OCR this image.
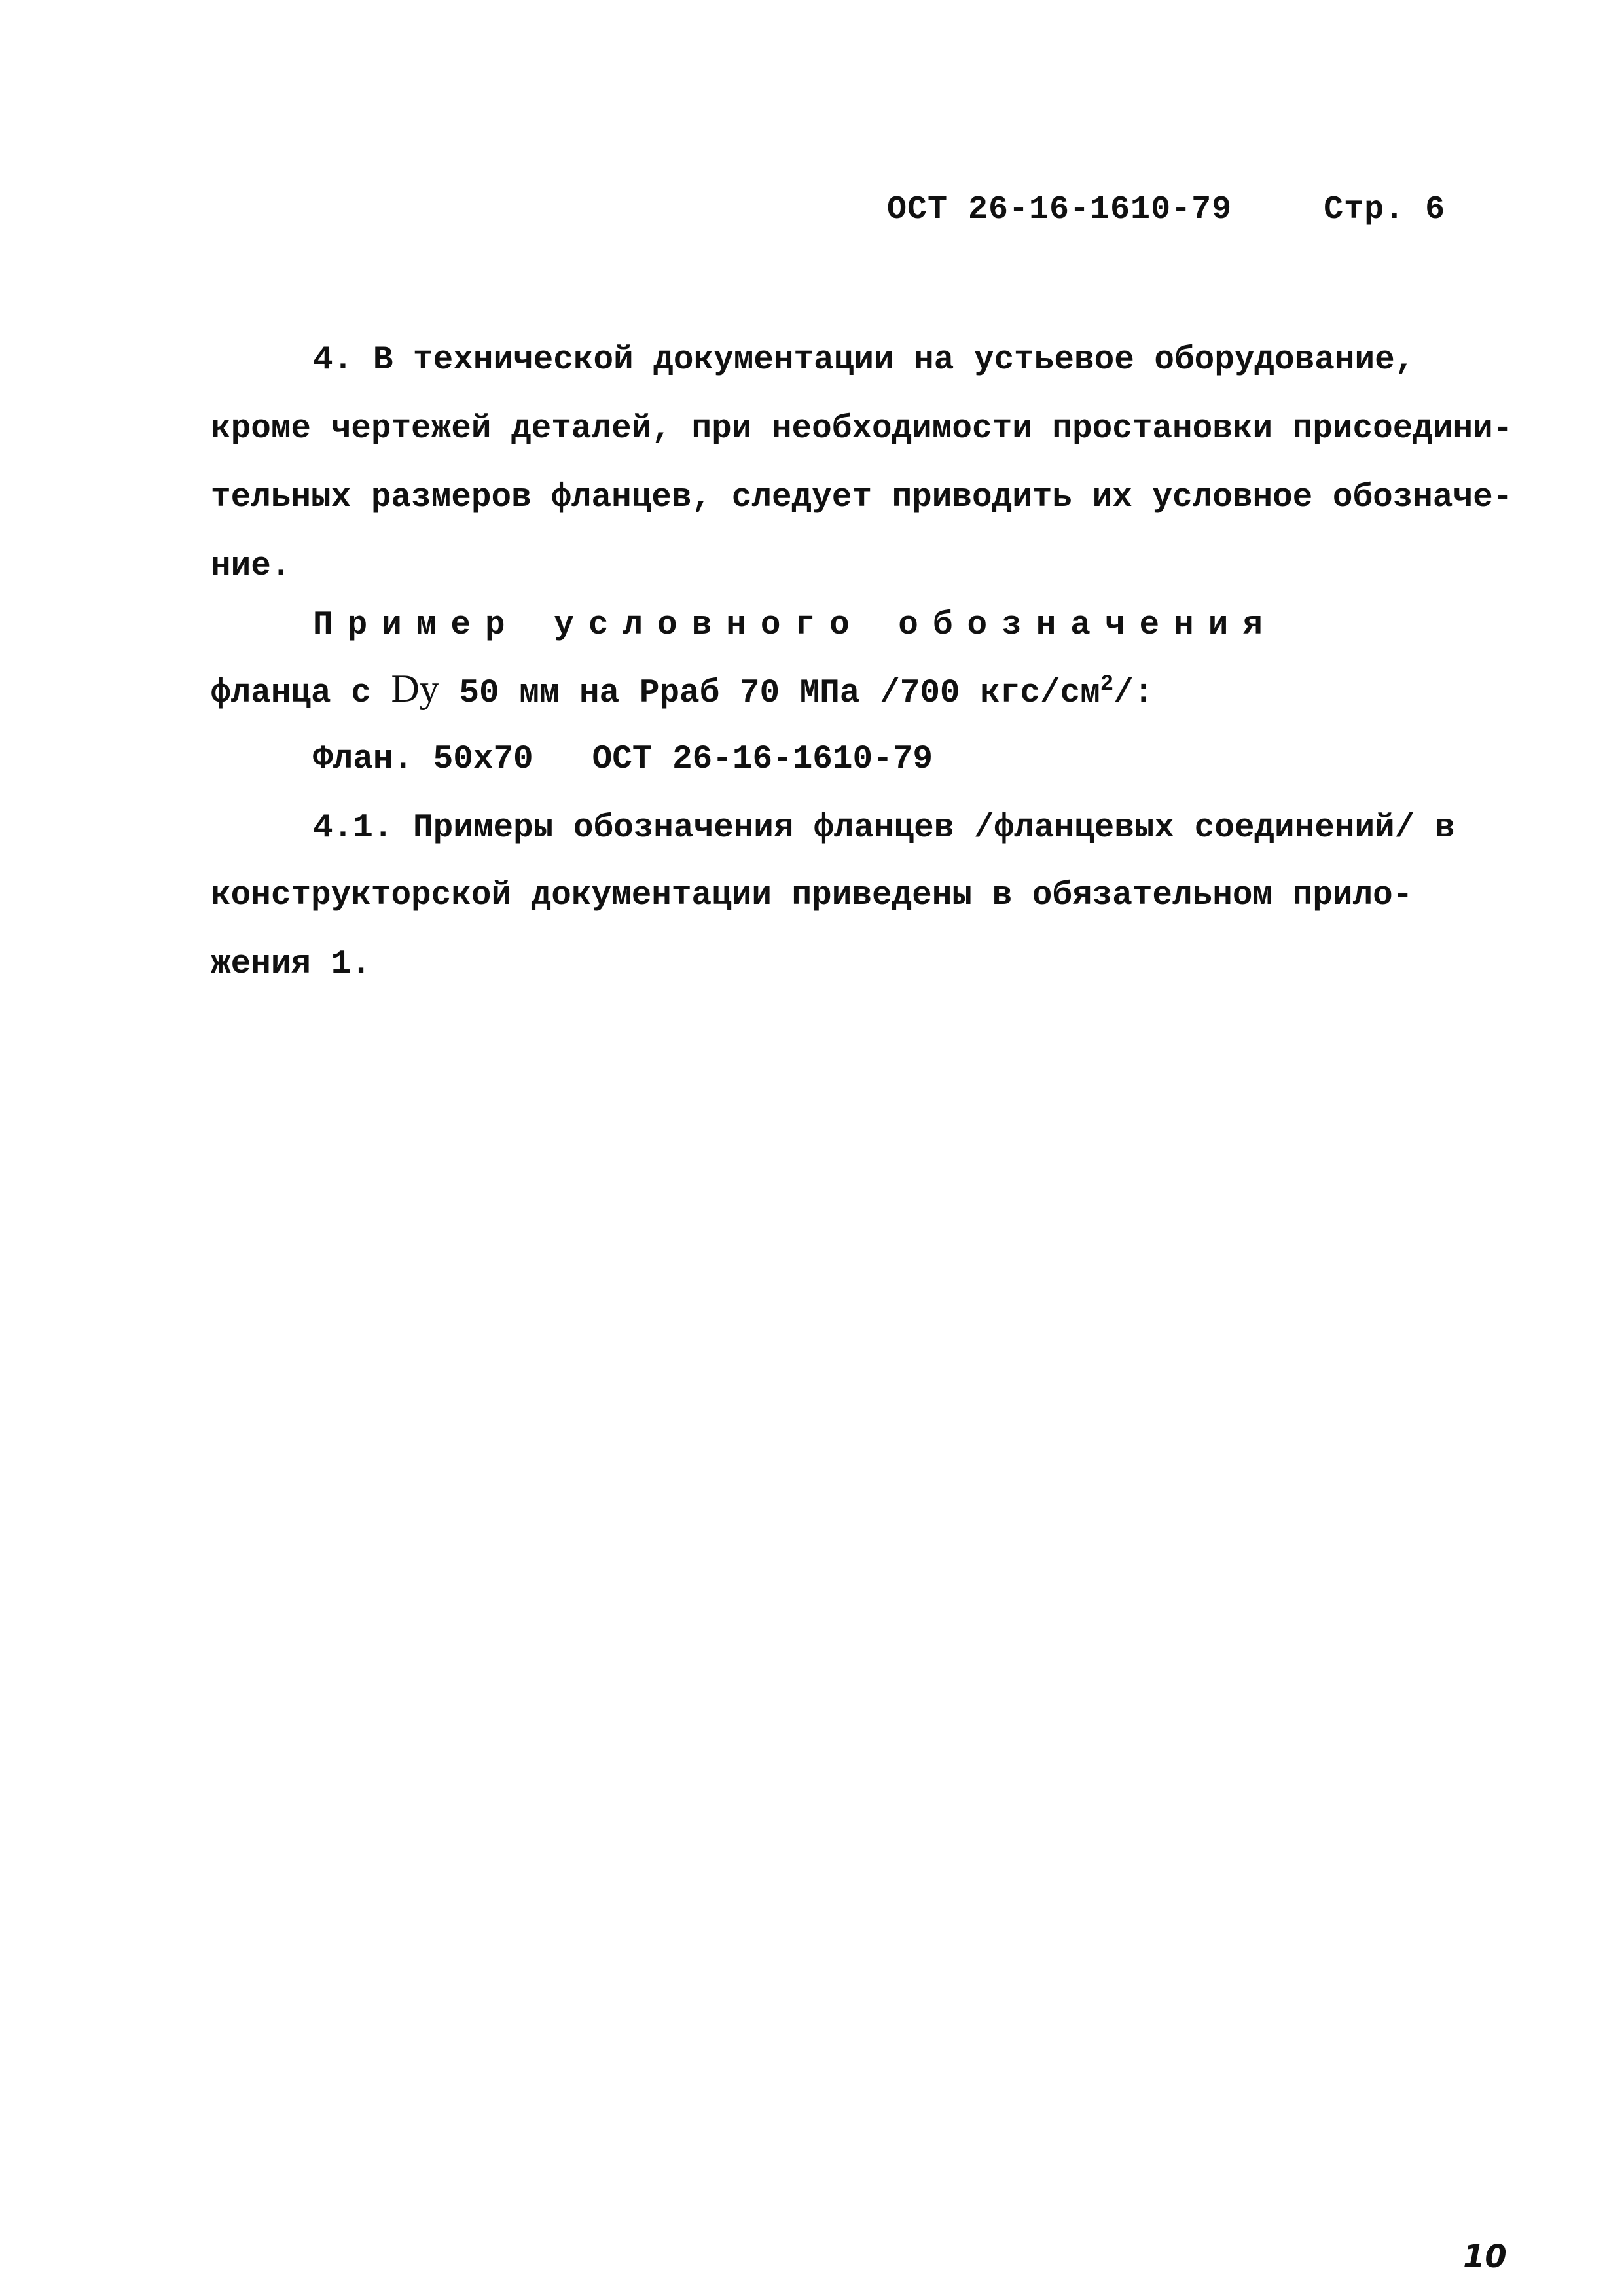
ОСТ 26-16-1610-79	Стр. 6
4. В технической документации на устьевое оборудование,
кроме чертежей деталей, при необходимости простановки присоедини-
тельных размеров фланцев, следует приводить их условное обозначе-
ние.
Пример условного обозначения
фланца с Dу 50 мм на Рраб 70 МПа /700 кгс/$см^2/$:
Флан. 50х70 ОСТ 26-16-1610-79
4.1. Примеры обозначения фланцев /фланцевых соединений/ в
конструкторской документации приведены в обязательном прило-
жения 1.
10
